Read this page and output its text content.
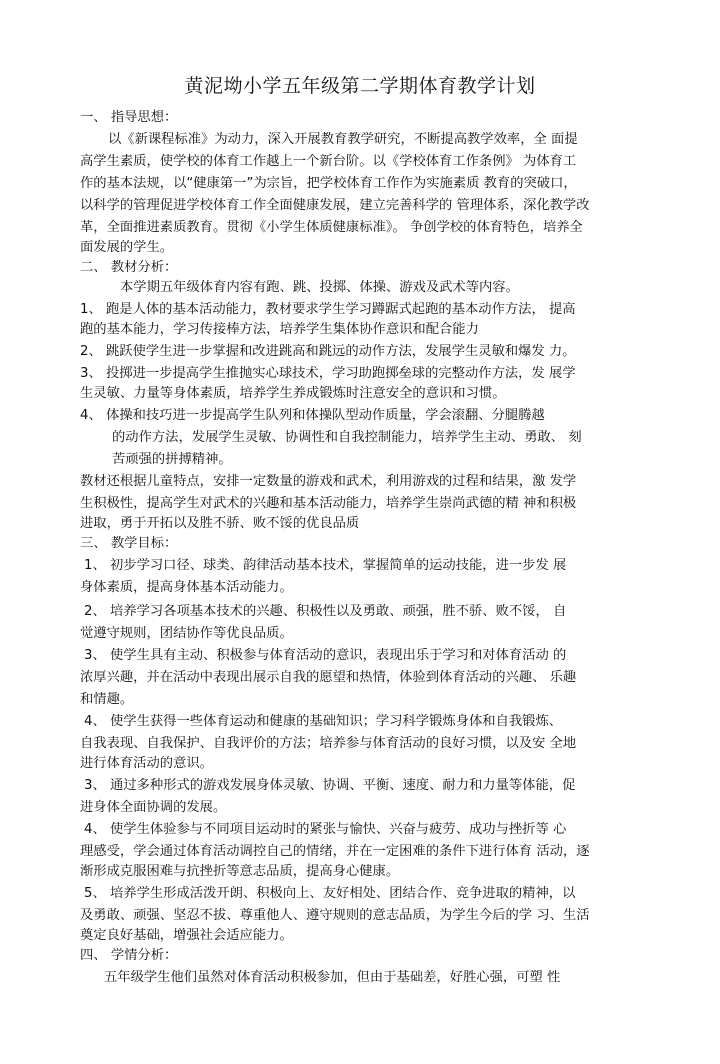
黄泥坳小学五年级第二学期体育教学计划
一、 指导思想：
以《新课程标准》为动力，深入开展教育教学研究，不断提高教学效率，全 面提
高学生素质，使学校的体育工作越上一个新台阶。以《学校体育工作条例》 为体育工
作的基本法规，以“健康第一”为宗旨，把学校体育工作作为实施素质 教育的突破口，
以科学的管理促进学校体育工作全面健康发展，建立完善科学的 管理体系，深化教学改
革，全面推进素质教育。贯彻《小学生体质健康标准》。 争创学校的体育特色，培养全
面发展的学生。
二、 教材分析：
本学期五年级体育内容有跑、跳、投掷、体操、游戏及武术等内容。
1、 跑是人体的基本活动能力，教材要求学生学习蹲踞式起跑的基本动作方法， 提高
跑的基本能力，学习传接棒方法，培养学生集体协作意识和配合能力
2、 跳跃使学生进一步掌握和改进跳高和跳远的动作方法，发展学生灵敏和爆发 力。
3、 投掷进一步提高学生推抛实心球技术，学习助跑掷垒球的完整动作方法，发 展学
生灵敏、力量等身体素质，培养学生养成锻炼时注意安全的意识和习惯。
4、 体操和技巧进一步提高学生队列和体操队型动作质量，学会滚翻、分腿腾越
的动作方法，发展学生灵敏、协调性和自我控制能力，培养学生主动、勇敢、 刻
苦顽强的拼搏精神。
教材还根据儿童特点，安排一定数量的游戏和武术，利用游戏的过程和结果，激 发学
生积极性，提高学生对武术的兴趣和基本活动能力，培养学生崇尚武德的精 神和积极
进取，勇于开拓以及胜不骄、败不馁的优良品质
三、 教学目标：
1、 初步学习口径、球类、韵律活动基本技术，掌握简单的运动技能，进一步发 展
身体素质，提高身体基本活动能力。
2、 培养学习各项基本技术的兴趣、积极性以及勇敢、顽强，胜不骄、败不馁， 自
觉遵守规则，团结协作等优良品质。
3、 使学生具有主动、积极参与体育活动的意识，表现出乐于学习和对体育活动 的
浓厚兴趣，并在活动中表现出展示自我的愿望和热情，体验到体育活动的兴趣、 乐趣
和情趣。
4、 使学生获得一些体育运动和健康的基础知识；学习科学锻炼身体和自我锻炼、
自我表现、自我保护、自我评价的方法；培养参与体育活动的良好习惯，以及安 全地
进行体育活动的意识。
3、 通过多种形式的游戏发展身体灵敏、协调、平衡、速度、耐力和力量等体能，促
进身体全面协调的发展。
4、 使学生体验参与不同项目运动时的紧张与愉快、兴奋与疲劳、成功与挫折等 心
理感受，学会通过体育活动调控自己的情绪，并在一定困难的条件下进行体育 活动，逐
渐形成克服困难与抗挫折等意志品质，提高身心健康。
5、 培养学生形成活泼开朗、积极向上、友好相处、团结合作、竞争进取的精神，以
及勇敢、顽强、坚忍不拔、尊重他人、遵守规则的意志品质，为学生今后的学 习、生活
奠定良好基础，增强社会适应能力。
四、 学情分析：
五年级学生他们虽然对体育活动积极参加，但由于基础差，好胜心强，可塑 性
